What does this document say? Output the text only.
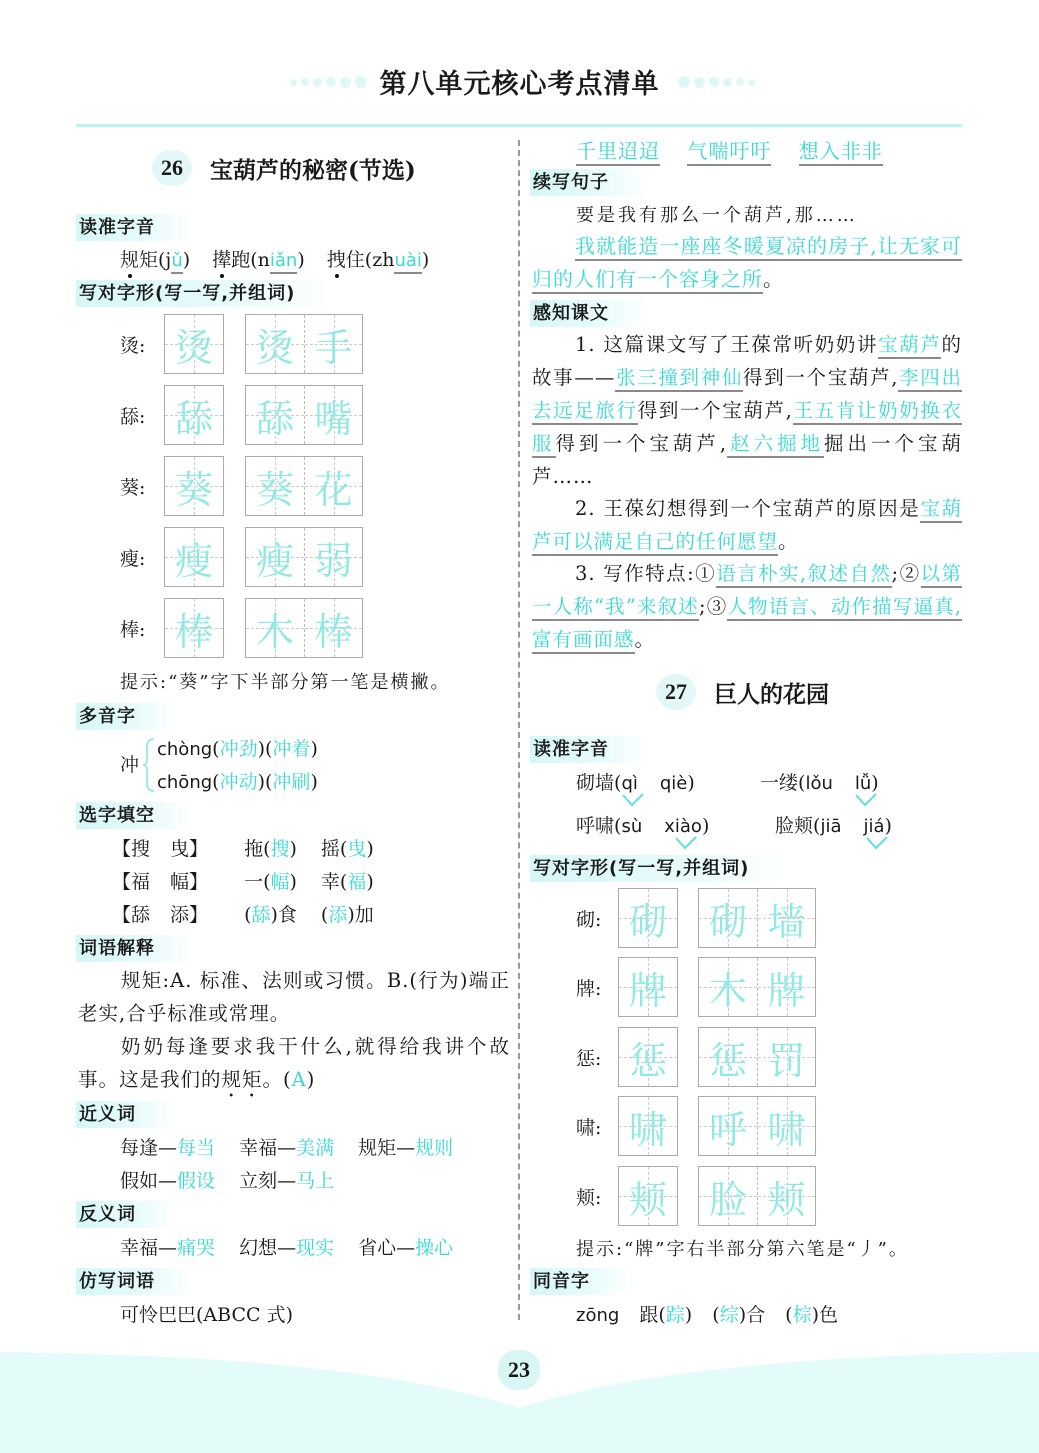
第八单元核心考点清单
26	宝葫芦的秘密(节选)
读准字音
规矩(j
ǔ) 撵跑(n
iǎn) 拽住(zh
uài)
写对字形(写一写,并组词)
烫: 烫 烫 手
舔: 舔 舔 嘴
葵: 葵 葵 花
瘦: 瘦 瘦 弱
棒: 棒 木 棒
提示:“葵”字下半部分第一笔是横撇。
多音字
冲
chòng(冲劲)(冲着)
chōng(冲动)(冲刷)
选字填空
【搜 曳】 拖(搜) 摇(曳)
【福 幅】 一(幅) 幸(福)
【舔 添】 (舔)食 (添)加
词语解释
规矩:A. 标准、法则或习惯。B.(行为)端正老实,合乎标准或常理。
奶奶每逢要求我干什么,就得给我讲个故事。这是我们的规矩。(A)
近义词
每逢—每当 幸福—美满 规矩—规则
假如—假设 立刻—马上
反义词
幸福—痛哭 幻想—现实 省心—操心
仿写词语
可怜巴巴(ABCC 式)
千里迢迢 气喘吁吁 想入非非
续写句子
要是我有那么一个葫芦,那……
我就能造一座座冬暖夏凉的房子,让无家可归的人们有一个容身之所。
感知课文
1. 这篇课文写了王葆常听奶奶讲宝葫芦的故事——张三撞到神仙得到一个宝葫芦,李四出去远足旅行得到一个宝葫芦,王五肯让奶奶换衣服得到一个宝葫芦,赵六掘地掘出一个宝葫芦……
2. 王葆幻想得到一个宝葫芦的原因是宝葫芦可以满足自己的任何愿望。
3. 写作特点:①语言朴实,叙述自然;②以第一人称“我”来叙述;③人物语言、动作描写逼真,富有画面感。
27	巨人的花园
读准字音
砌墙(qì qiè)	一缕(lǒu lǚ
)
呼啸(sù xiào
)	脸颊(jiā jiá
)
写对字形(写一写,并组词)
砌: 砌 砌 墙
牌: 牌 木 牌
惩: 惩 惩 罚
啸: 啸 呼 啸
颊: 颊 脸 颊
提示:“牌”字右半部分第六笔是“丿”。
同音字
zōng 跟(踪) (综)合 (棕)色
23
